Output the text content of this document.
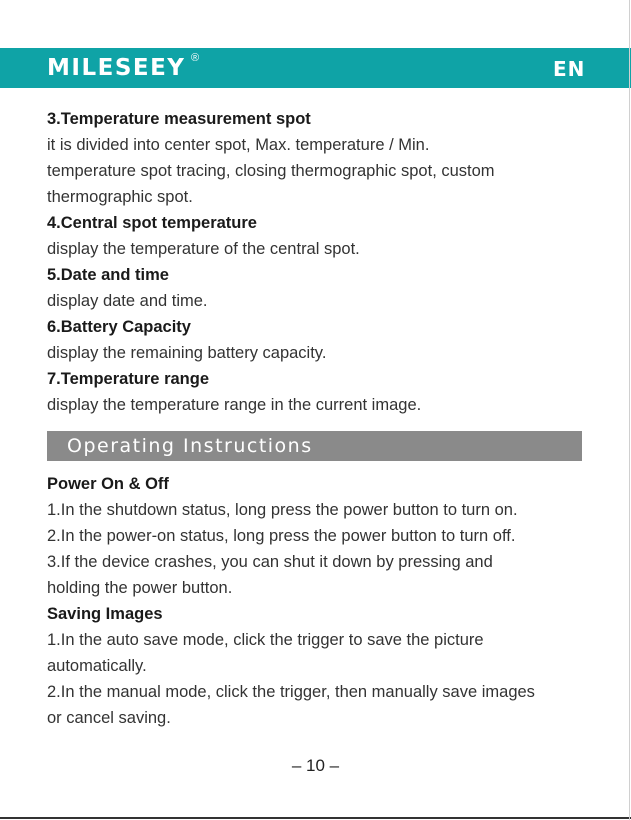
MILESEEY ®	EN
3.Temperature measurement spot
it is divided into center spot, Max. temperature / Min.
temperature spot tracing, closing thermographic spot, custom
thermographic spot.
4.Central spot temperature
display the temperature of the central spot.
5.Date and time
display date and time.
6.Battery Capacity
display the remaining battery capacity.
7.Temperature range
display the temperature range in the current image.
Operating Instructions
Power On & Off
1.In the shutdown status, long press the power button to turn on.
2.In the power-on status, long press the power button to turn off.
3.If the device crashes, you can shut it down by pressing and
holding the power button.
Saving Images
1.In the auto save mode, click the trigger to save the picture
automatically.
2.In the manual mode, click the trigger, then manually save images
or cancel saving.
– 10 –
